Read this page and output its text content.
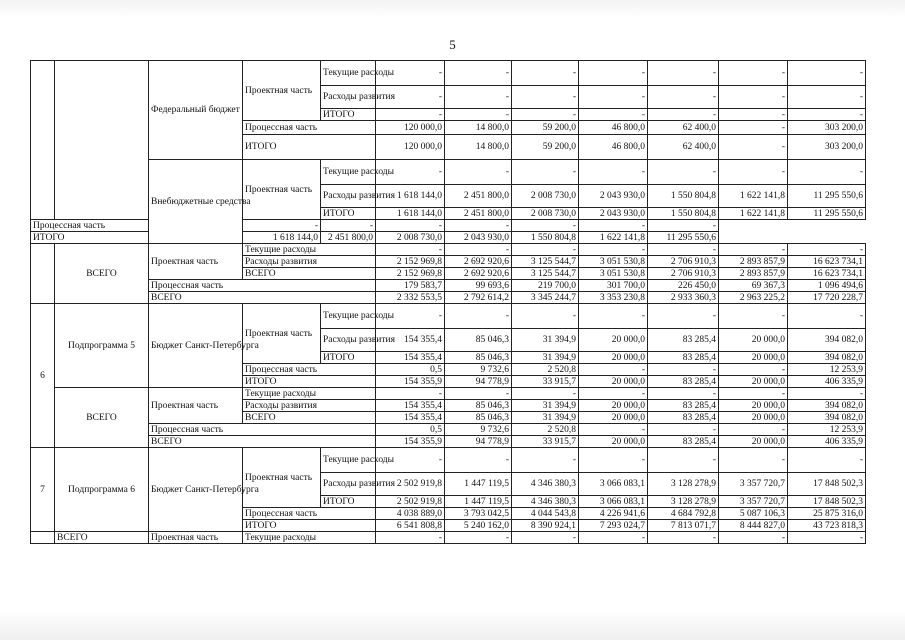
5
		Федеральный бюджет	Проектная часть	Текущие расходы	-	-	-	-	-	-	-
				Расходы развития	-	-	-	-	-	-	-
				ИТОГО	-	-	-	-	-	-	-
			Процессная часть		120 000,0	14 800,0	59 200,0	46 800,0	62 400,0	-	303 200,0
			ИТОГО		120 000,0	14 800,0	59 200,0	46 800,0	62 400,0	-	303 200,0
		Внебюджетные средства	Проектная часть	Текущие расходы	-	-	-	-	-	-	-
				Расходы развития	1 618 144,0	2 451 800,0	2 008 730,0	2 043 930,0	1 550 804,8	1 622 141,8	11 295 550,6
				ИТОГО	1 618 144,0	2 451 800,0	2 008 730,0	2 043 930,0	1 550 804,8	1 622 141,8	11 295 550,6
Процессная часть			-	-	-	-	-	-	-		
ИТОГО			1 618 144,0	2 451 800,0	2 008 730,0	2 043 930,0	1 550 804,8	1 622 141,8	11 295 550,6		
	ВСЕГО	Проектная часть	Текущие расходы		-	-	-	-	-	-	-
			Расходы развития		2 152 969,8	2 692 920,6	3 125 544,7	3 051 530,8	2 706 910,3	2 893 857,9	16 623 734,1
			ВСЕГО		2 152 969,8	2 692 920,6	3 125 544,7	3 051 530,8	2 706 910,3	2 893 857,9	16 623 734,1
		Процессная часть			179 583,7	99 693,6	219 700,0	301 700,0	226 450,0	69 367,3	1 096 494,6
		ВСЕГО			2 332 553,5	2 792 614,2	3 345 244,7	3 353 230,8	2 933 360,3	2 963 225,2	17 720 228,7
6	Подпрограмма 5	Бюджет Санкт-Петербурга	Проектная часть	Текущие расходы	-	-	-	-	-	-	-
				Расходы развития	154 355,4	85 046,3	31 394,9	20 000,0	83 285,4	20 000,0	394 082,0
				ИТОГО	154 355,4	85 046,3	31 394,9	20 000,0	83 285,4	20 000,0	394 082,0
			Процессная часть		0,5	9 732,6	2 520,8	-	-	-	12 253,9
			ИТОГО		154 355,9	94 778,9	33 915,7	20 000,0	83 285,4	20 000,0	406 335,9
	ВСЕГО	Проектная часть	Текущие расходы		-	-	-	-	-	-	-
			Расходы развития		154 355,4	85 046,3	31 394,9	20 000,0	83 285,4	20 000,0	394 082,0
			ВСЕГО		154 355,4	85 046,3	31 394,9	20 000,0	83 285,4	20 000,0	394 082,0
		Процессная часть			0,5	9 732,6	2 520,8	-	-	-	12 253,9
		ВСЕГО			154 355,9	94 778,9	33 915,7	20 000,0	83 285,4	20 000,0	406 335,9
7	Подпрограмма 6	Бюджет Санкт-Петербурга	Проектная часть	Текущие расходы	-	-	-	-	-	-	-
				Расходы развития	2 502 919,8	1 447 119,5	4 346 380,3	3 066 083,1	3 128 278,9	3 357 720,7	17 848 502,3
				ИТОГО	2 502 919,8	1 447 119,5	4 346 380,3	3 066 083,1	3 128 278,9	3 357 720,7	17 848 502,3
			Процессная часть		4 038 889,0	3 793 042,5	4 044 543,8	4 226 941,6	4 684 792,8	5 087 106,3	25 875 316,0
			ИТОГО		6 541 808,8	5 240 162,0	8 390 924,1	7 293 024,7	7 813 071,7	8 444 827,0	43 723 818,3
	ВСЕГО	Проектная часть	Текущие расходы		-	-	-	-	-	-	-
